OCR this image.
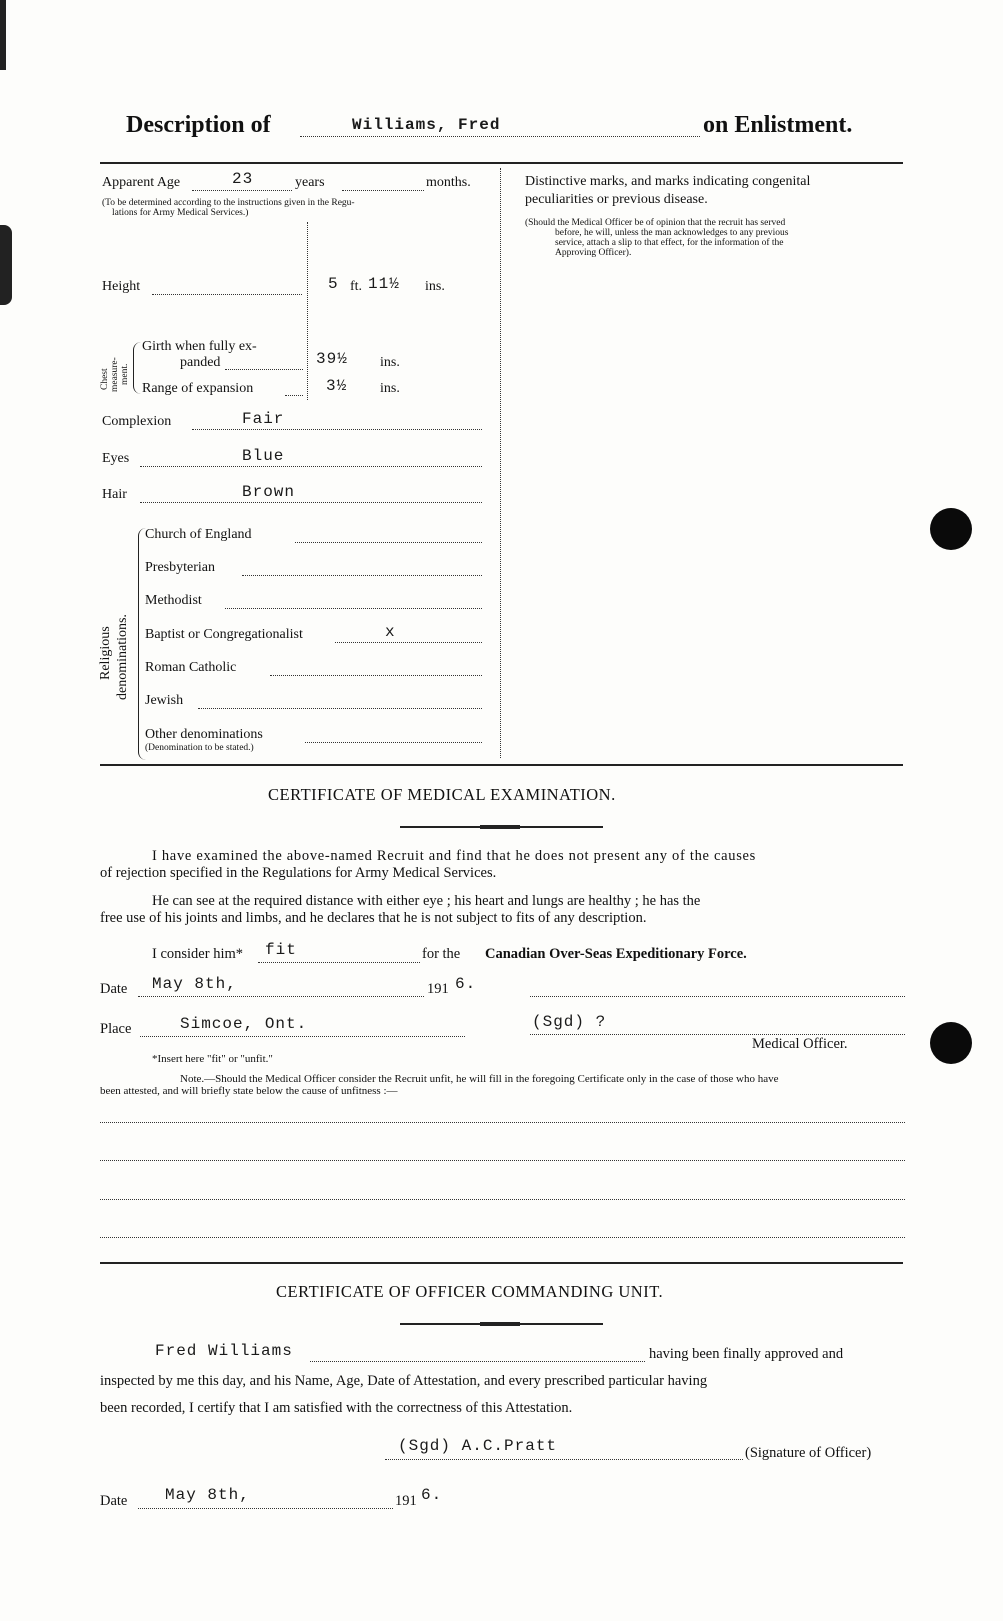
Description of	Williams, Fred	on Enlistment.
Apparent Age	23	years	months.
(To be determined according to the instructions given in the Regu-
lations for Army Medical Services.)
Height	5 ft. 11½ ins.
Chest measure- ment.
Girth when fully ex-
panded	39½ ins.
Range of expansion	3½ ins.
Complexion	Fair
Eyes	Blue
Hair	Brown
Religious denominations.
Church of England
Presbyterian
Methodist
Baptist or Congregationalist	x
Roman Catholic
Jewish
Other denominations
(Denomination to be stated.)
Distinctive marks, and marks indicating congenital
peculiarities or previous disease.
(Should the Medical Officer be of opinion that the recruit has served
before, he will, unless the man acknowledges to any previous
service, attach a slip to that effect, for the information of the
Approving Officer).
CERTIFICATE OF MEDICAL EXAMINATION.
I have examined the above-named Recruit and find that he does not present any of the causes
of rejection specified in the Regulations for Army Medical Services.
He can see at the required distance with either eye ; his heart and lungs are healthy ; he has the
free use of his joints and limbs, and he declares that he is not subject to fits of any description.
I consider him* fit	for the Canadian Over-Seas Expeditionary Force.
Date May 8th,	191 6.
Place	Simcoe, Ont.	(Sgd) ?
Medical Officer.
*Insert here "fit" or "unfit."
Note.—Should the Medical Officer consider the Recruit unfit, he will fill in the foregoing Certificate only in the case of those who have
been attested, and will briefly state below the cause of unfitness :—
CERTIFICATE OF OFFICER COMMANDING UNIT.
Fred Williams	having been finally approved and
inspected by me this day, and his Name, Age, Date of Attestation, and every prescribed particular having
been recorded, I certify that I am satisfied with the correctness of this Attestation.
(Sgd) A.C.Pratt	(Signature of Officer)
Date May 8th,	191 6.
